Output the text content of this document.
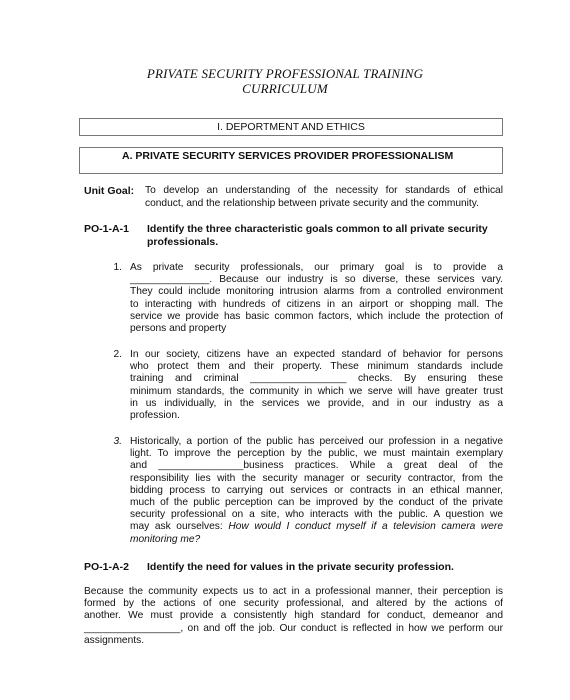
PRIVATE SECURITY PROFESSIONAL TRAINING
CURRICULUM
I. DEPORTMENT AND ETHICS
A. PRIVATE SECURITY SERVICES PROVIDER PROFESSIONALISM
Unit Goal: To develop an understanding of the necessity for standards of ethical
conduct, and the relationship between private security and the community.
PO-1-A-1 Identify the three characteristic goals common to all private security
professionals.
1. As private security professionals, our primary goal is to provide a
______________. Because our industry is so diverse, these services vary.
They could include monitoring intrusion alarms from a controlled environment
to interacting with hundreds of citizens in an airport or shopping mall. The
service we provide has basic common factors, which include the protection of
persons and property
2. In our society, citizens have an expected standard of behavior for persons
who protect them and their property. These minimum standards include
training and criminal _________________ checks. By ensuring these
minimum standards, the community in which we serve will have greater trust
in us individually, in the services we provide, and in our industry as a
profession.
3. Historically, a portion of the public has perceived our profession in a negative
light. To improve the perception by the public, we must maintain exemplary
and _______________business practices. While a great deal of the
responsibility lies with the security manager or security contractor, from the
bidding process to carrying out services or contracts in an ethical manner,
much of the public perception can be improved by the conduct of the private
security professional on a site, who interacts with the public. A question we
may ask ourselves: How would I conduct myself if a television camera were
monitoring me?
PO-1-A-2 Identify the need for values in the private security profession.
Because the community expects us to act in a professional manner, their perception is
formed by the actions of one security professional, and altered by the actions of
another. We must provide a consistently high standard for conduct, demeanor and
_________________, on and off the job. Our conduct is reflected in how we perform our
assignments.
